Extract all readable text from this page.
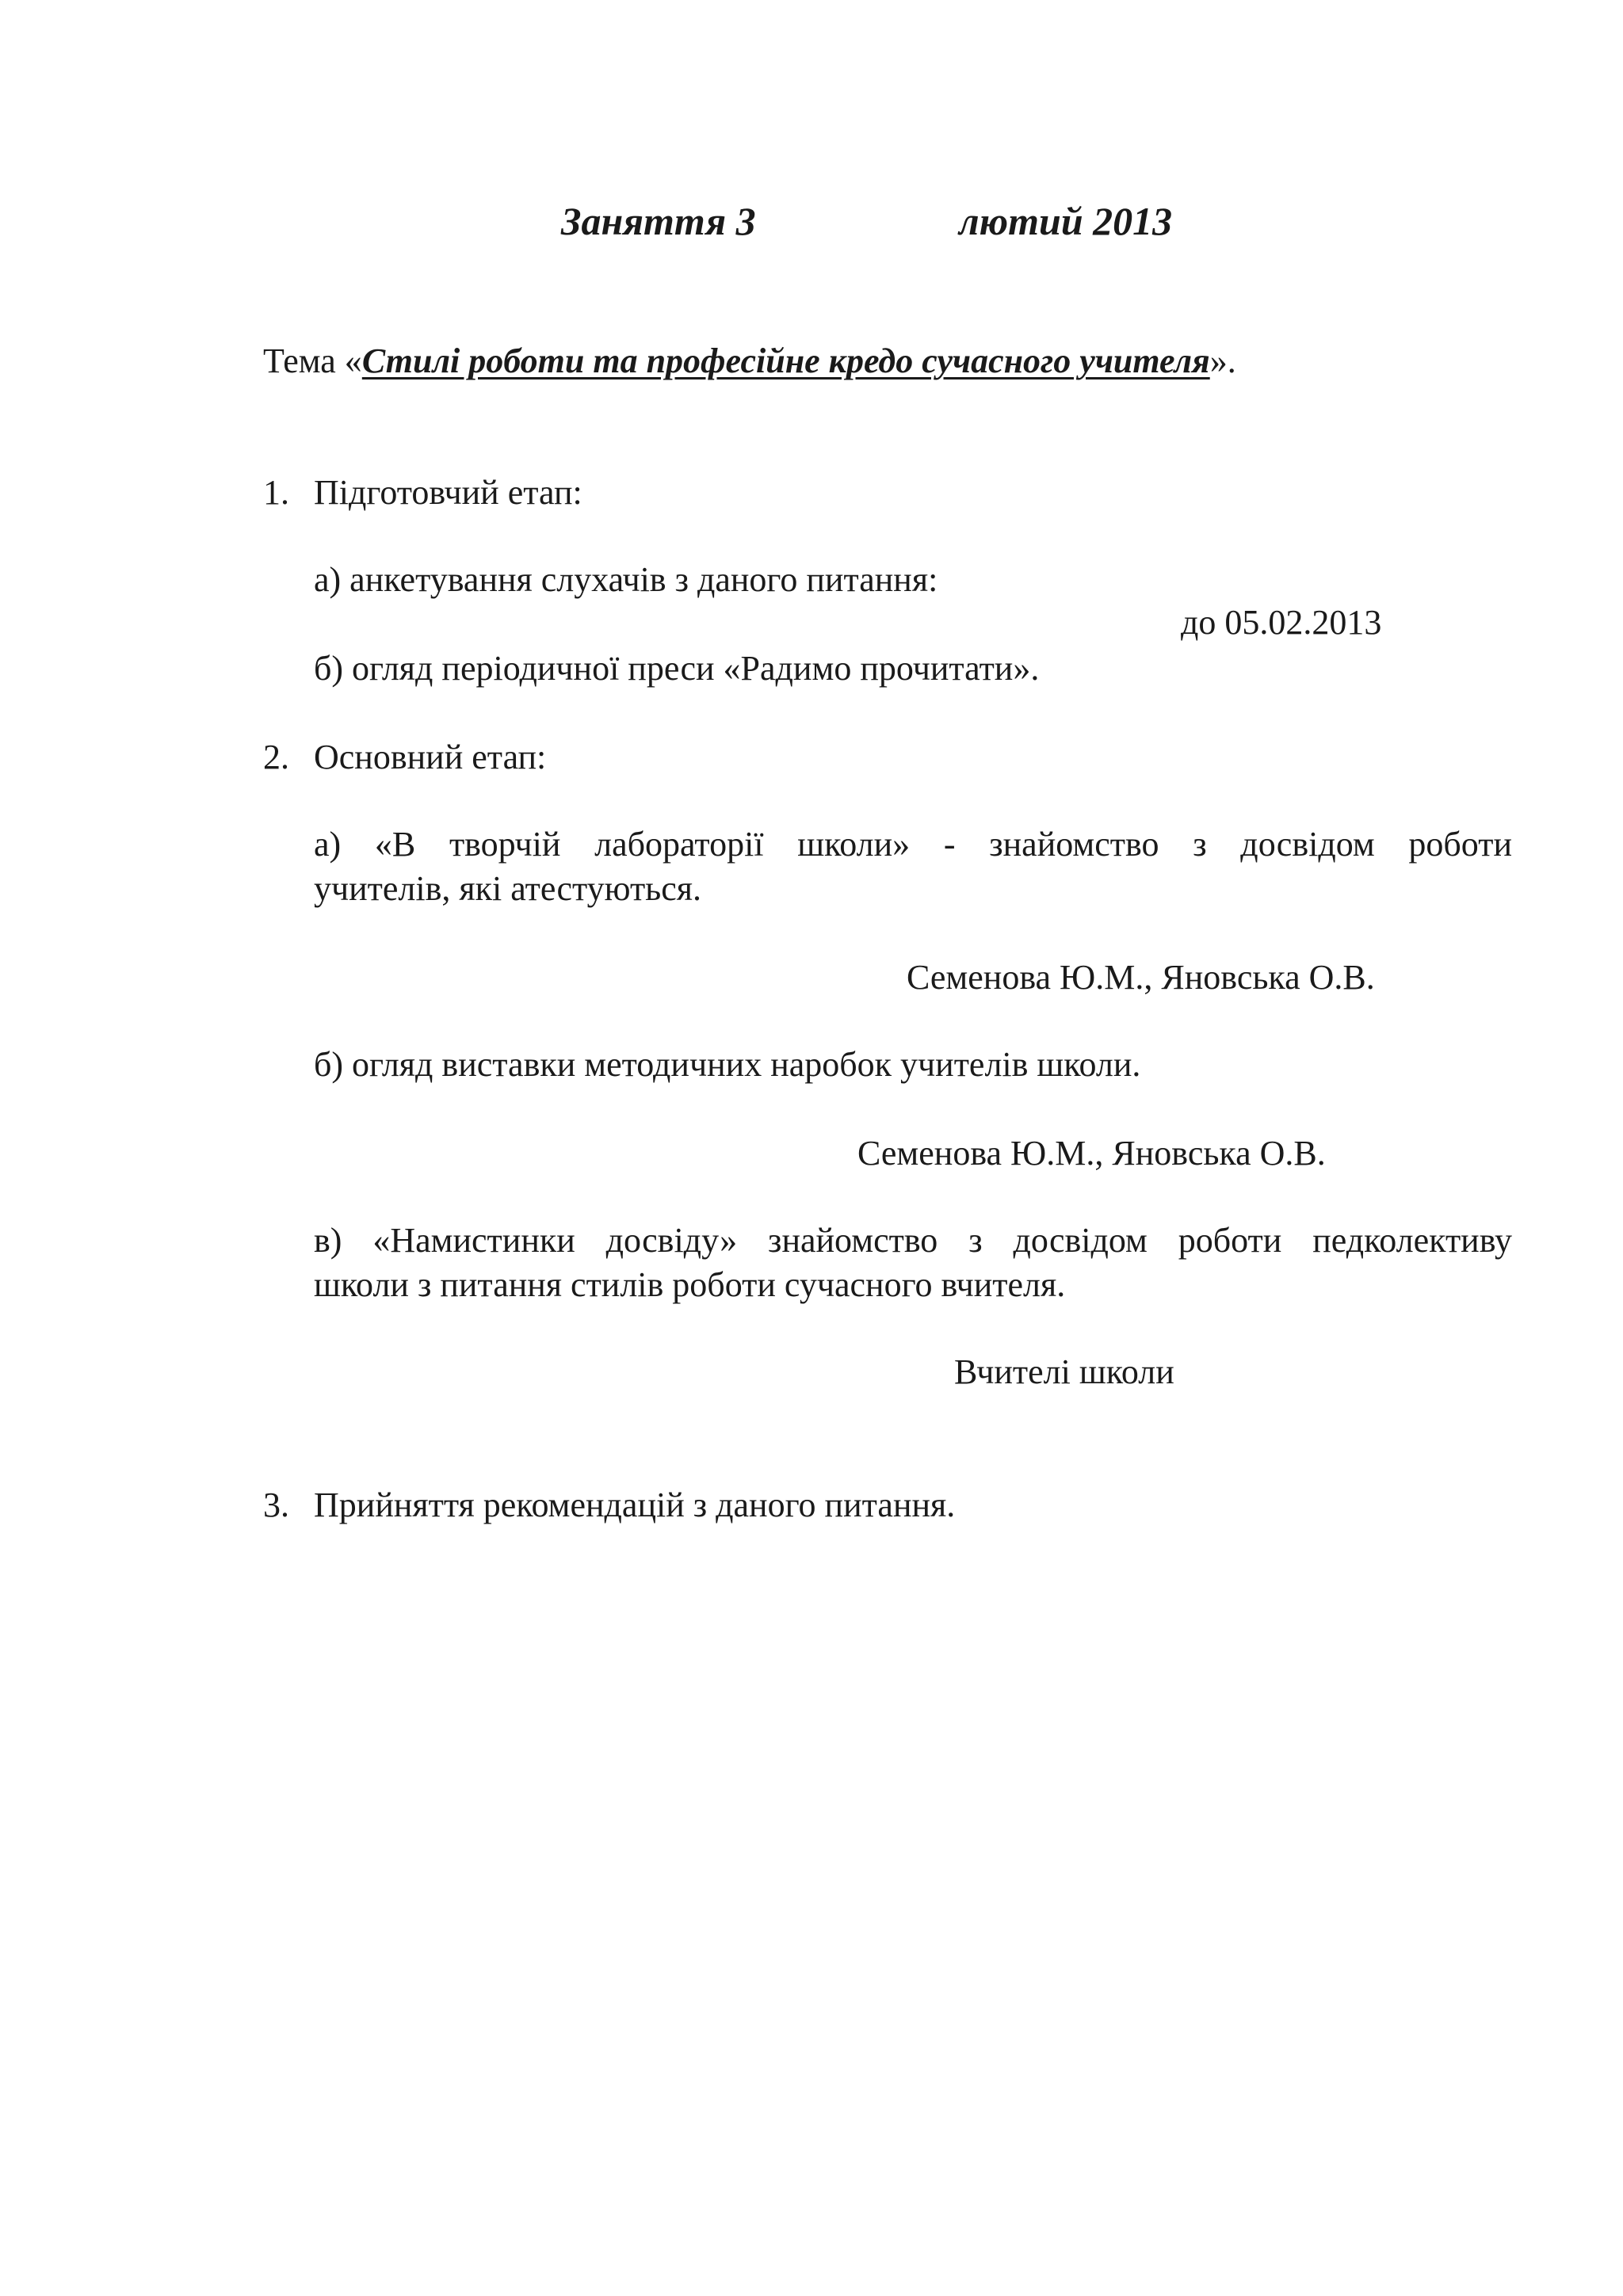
Заняття 3	лютий 2013
Тема «Стилі роботи та професійне кредо сучасного учителя».
1. Підготовчий етап:
а) анкетування слухачів з даного питання:
до 05.02.2013
б) огляд періодичної преси «Радимо прочитати».
2. Основний етап:
а) «В творчій лабораторії школи» - знайомство з досвідом роботи
учителів, які атестуються.
Семенова Ю.М., Яновська О.В.
б) огляд виставки методичних наробок учителів школи.
Семенова Ю.М., Яновська О.В.
в) «Намистинки досвіду» знайомство з досвідом роботи педколективу
школи з питання стилів роботи сучасного вчителя.
Вчителі школи
3. Прийняття рекомендацій з даного питання.
